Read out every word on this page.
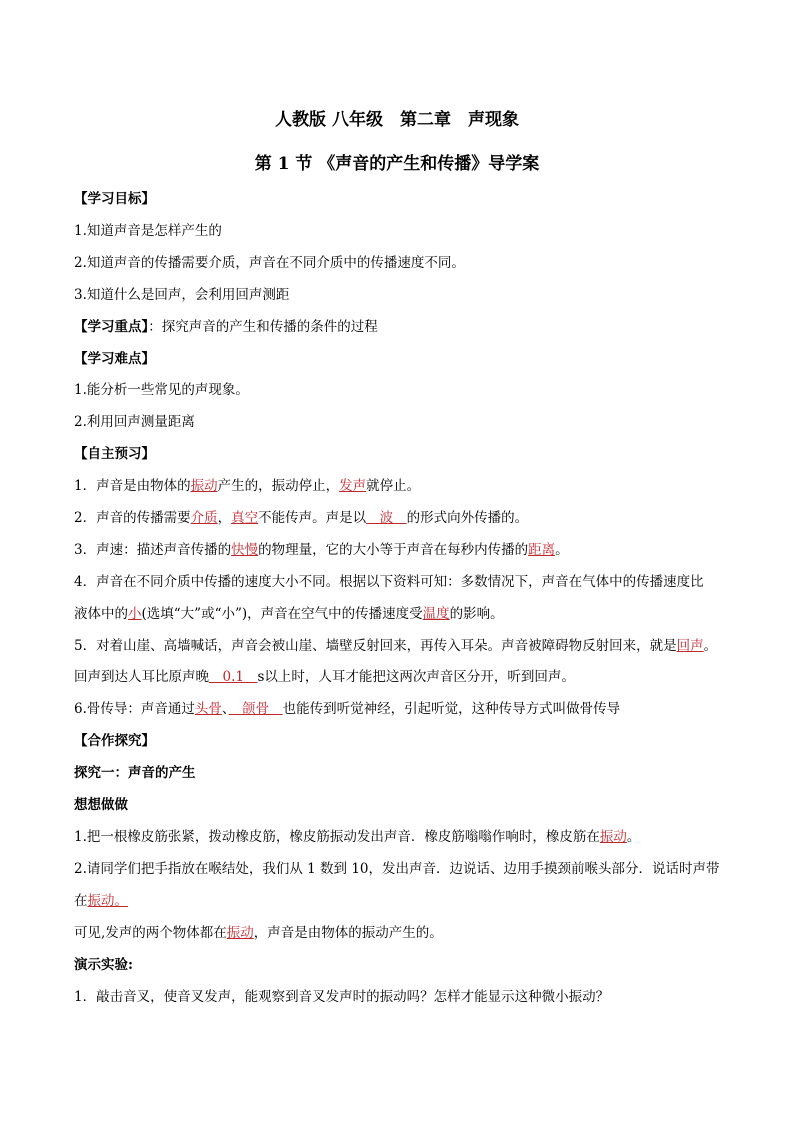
人教版 八年级　第二章　声现象
第 1 节 《声音的产生和传播》导学案
【学习目标】
1.知道声音是怎样产生的
2.知道声音的传播需要介质，声音在不同介质中的传播速度不同。
3.知道什么是回声，会利用回声测距
【学习重点】：探究声音的产生和传播的条件的过程
【学习难点】
1.能分析一些常见的声现象。
2.利用回声测量距离
【自主预习】
1．声音是由物体的振动产生的，振动停止，发声就停止。
2．声音的传播需要介质，真空不能传声。声是以　波　的形式向外传播的。
3．声速：描述声音传播的快慢的物理量，它的大小等于声音在每秒内传播的距离。
4．声音在不同介质中传播的速度大小不同。根据以下资料可知：多数情况下，声音在气体中的传播速度比
液体中的小(选填“大”或“小”)，声音在空气中的传播速度受温度的影响。
5．对着山崖、高墙喊话，声音会被山崖、墙壁反射回来，再传入耳朵。声音被障碍物反射回来，就是回声。
回声到达人耳比原声晚　0.1　s以上时，人耳才能把这两次声音区分开，听到回声。
6.骨传导：声音通过头骨、　颌骨　也能传到听觉神经，引起听觉，这种传导方式叫做骨传导
【合作探究】
探究一：声音的产生
想想做做
1.把一根橡皮筋张紧，拨动橡皮筋，橡皮筋振动发出声音．橡皮筋嗡嗡作响时，橡皮筋在振动。
2.请同学们把手指放在喉结处，我们从 1 数到 10，发出声音．边说话、边用手摸颈前喉头部分．说话时声带
在振动。
可见,发声的两个物体都在振动，声音是由物体的振动产生的。
演示实验:
1．敲击音叉，使音叉发声，能观察到音叉发声时的振动吗？怎样才能显示这种微小振动？
